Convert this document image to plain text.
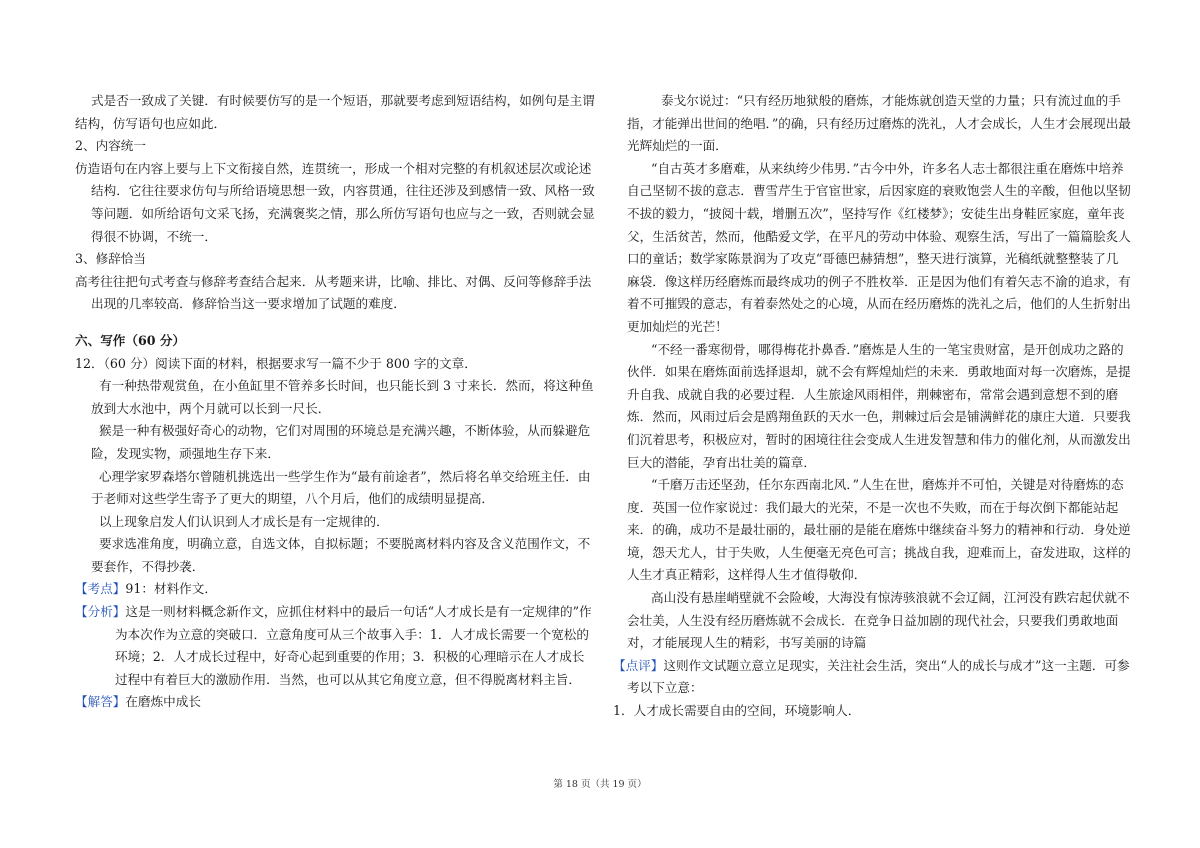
式是否一致成了关键．有时候要仿写的是一个短语，那就要考虑到短语结构，如例句是主谓结构，仿写语句也应如此．

2、内容统一

仿造语句在内容上要与上下文衔接自然，连贯统一，形成一个相对完整的有机叙述层次或论述结构．它往往要求仿句与所给语境思想一致，内容贯通，往往还涉及到感情一致、风格一致等问题．如所给语句文采飞扬，充满褒奖之情，那么所仿写语句也应与之一致，否则就会显得很不协调，不统一．

3、修辞恰当

高考往往把句式考查与修辞考查结合起来．从考题来讲，比喻、排比、对偶、反问等修辞手法出现的几率较高．修辞恰当这一要求增加了试题的难度．

六、写作（60 分）

12．（60 分）阅读下面的材料，根据要求写一篇不少于 800 字的文章．

有一种热带观赏鱼，在小鱼缸里不管养多长时间，也只能长到 3 寸来长．然而，将这种鱼放到大水池中，两个月就可以长到一尺长．

猴是一种有极强好奇心的动物，它们对周围的环境总是充满兴趣，不断体验，从而躲避危险，发现实物，顽强地生存下来．

心理学家罗森塔尔曾随机挑选出一些学生作为“最有前途者”，然后将名单交给班主任．由于老师对这些学生寄予了更大的期望，八个月后，他们的成绩明显提高．

以上现象启发人们认识到人才成长是有一定规律的．

要求选准角度，明确立意，自选文体，自拟标题；不要脱离材料内容及含义范围作文，不要套作，不得抄袭．

【考点】91：材料作文．

【分析】这是一则材料概念新作文，应抓住材料中的最后一句话“人才成长是有一定规律的”作为本次作为立意的突破口．立意角度可从三个故事入手：1．人才成长需要一个宽松的环境；2．人才成长过程中，好奇心起到重要的作用；3．积极的心理暗示在人才成长过程中有着巨大的激励作用．当然，也可以从其它角度立意，但不得脱离材料主旨．

【解答】在磨炼中成长

泰戈尔说过：“只有经历地狱般的磨炼，才能炼就创造天堂的力量；只有流过血的手指，才能弹出世间的绝唱．”的确，只有经历过磨炼的洗礼，人才会成长，人生才会展现出最光辉灿烂的一面．

“自古英才多磨难，从来纨绔少伟男．”古今中外，许多名人志士都很注重在磨炼中培养自己坚韧不拔的意志．曹雪芹生于官宦世家，后因家庭的衰败饱尝人生的辛酸，但他以坚韧不拔的毅力，“披阅十载，增删五次”，坚持写作《红楼梦》；安徒生出身鞋匠家庭，童年丧父，生活贫苦，然而，他酷爱文学，在平凡的劳动中体验、观察生活，写出了一篇篇脍炙人口的童话；数学家陈景润为了攻克“哥德巴赫猜想”，整天进行演算，光稿纸就整整装了几麻袋．像这样历经磨炼而最终成功的例子不胜枚举．正是因为他们有着矢志不渝的追求，有着不可摧毁的意志，有着泰然处之的心境，从而在经历磨炼的洗礼之后，他们的人生折射出更加灿烂的光芒！

“不经一番寒彻骨，哪得梅花扑鼻香．”磨炼是人生的一笔宝贵财富，是开创成功之路的伙伴．如果在磨炼面前选择退却，就不会有辉煌灿烂的未来．勇敢地面对每一次磨炼，是提升自我、成就自我的必要过程．人生旅途风雨相伴，荆棘密布，常常会遇到意想不到的磨炼．然而，风雨过后会是鸥翔鱼跃的天水一色，荆棘过后会是铺满鲜花的康庄大道．只要我们沉着思考，积极应对，暂时的困境往往会变成人生进发智慧和伟力的催化剂，从而激发出巨大的潜能，孕育出壮美的篇章．

“千磨万击还坚劲，任尔东西南北风．”人生在世，磨炼并不可怕，关键是对待磨炼的态度．英国一位作家说过：我们最大的光荣，不是一次也不失败，而在于每次倒下都能站起来．的确，成功不是最壮丽的，最壮丽的是能在磨炼中继续奋斗努力的精神和行动．身处逆境，怨天尤人，甘于失败，人生便毫无亮色可言；挑战自我，迎难而上，奋发进取，这样的人生才真正精彩，这样得人生才值得敬仰．

高山没有悬崖峭壁就不会险峻，大海没有惊涛骇浪就不会辽阔，江河没有跌宕起伏就不会壮美，人生没有经历磨炼就不会成长．在竞争日益加剧的现代社会，只要我们勇敢地面对，才能展现人生的精彩，书写美丽的诗篇

【点评】这则作文试题立意立足现实，关注社会生活，突出“人的成长与成才”这一主题．可参考以下立意：

1．人才成长需要自由的空间，环境影响人．

第 18 页（共 19 页）
